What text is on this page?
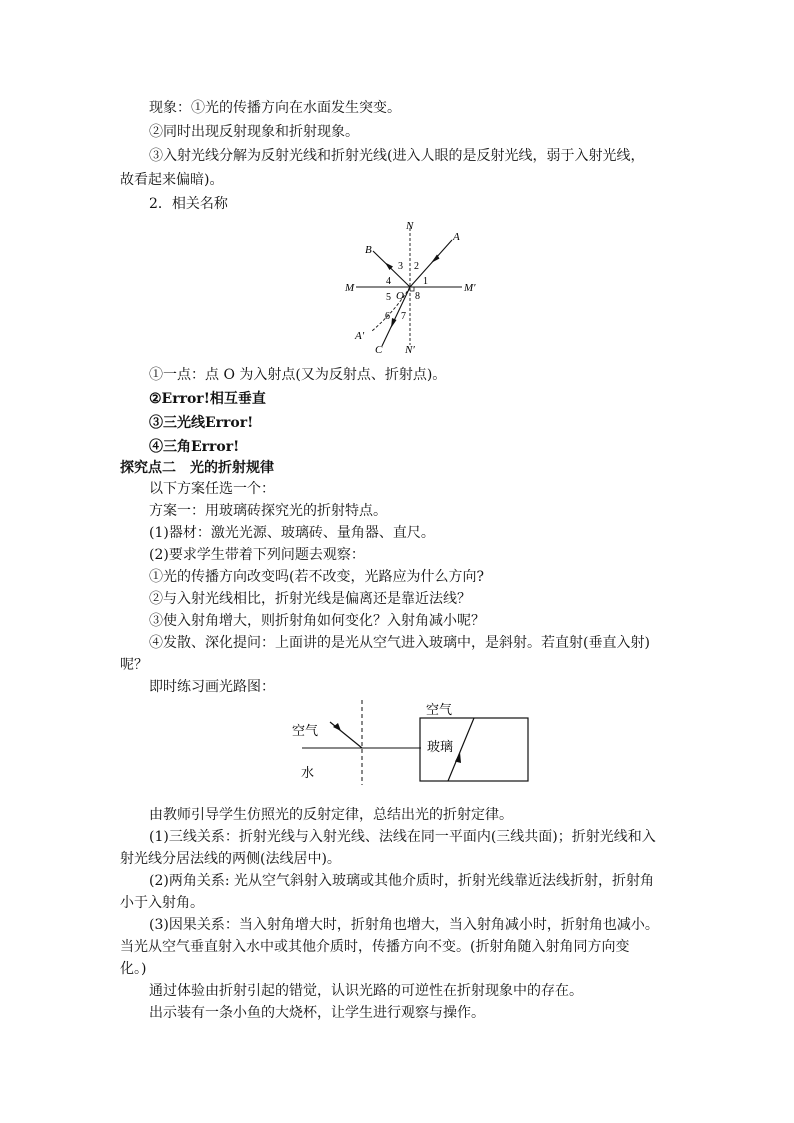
现象：①光的传播方向在水面发生突变。
②同时出现反射现象和折射现象。
③入射光线分解为反射光线和折射光线(进入人眼的是反射光线，弱于入射光线，
故看起来偏暗)。
2．相关名称
N
A
B
M	M′
O
A′
C N′
1
2
3
4
5
6 7
8
①一点：点 O 为入射点(又为反射点、折射点)。
②Error!相互垂直
③三光线Error!
④三角Error!
探究点二　光的折射规律
以下方案任选一个：
方案一：用玻璃砖探究光的折射特点。
(1)器材：激光光源、玻璃砖、量角器、直尺。
(2)要求学生带着下列问题去观察：
①光的传播方向改变吗(若不改变，光路应为什么方向?
②与入射光线相比，折射光线是偏离还是靠近法线？
③使入射角增大，则折射角如何变化？入射角减小呢？
④发散、深化提问：上面讲的是光从空气进入玻璃中，是斜射。若直射(垂直入射)
呢？
即时练习画光路图：
空气
水
空气
玻璃
由教师引导学生仿照光的反射定律，总结出光的折射定律。
(1)三线关系：折射光线与入射光线、法线在同一平面内(三线共面)；折射光线和入
射光线分居法线的两侧(法线居中)。
(2)两角关系: 光从空气斜射入玻璃或其他介质时，折射光线靠近法线折射，折射角
小于入射角。
(3)因果关系：当入射角增大时，折射角也增大，当入射角减小时，折射角也减小。
当光从空气垂直射入水中或其他介质时，传播方向不变。(折射角随入射角同方向变
化。)
通过体验由折射引起的错觉，认识光路的可逆性在折射现象中的存在。
出示装有一条小鱼的大烧杯，让学生进行观察与操作。
